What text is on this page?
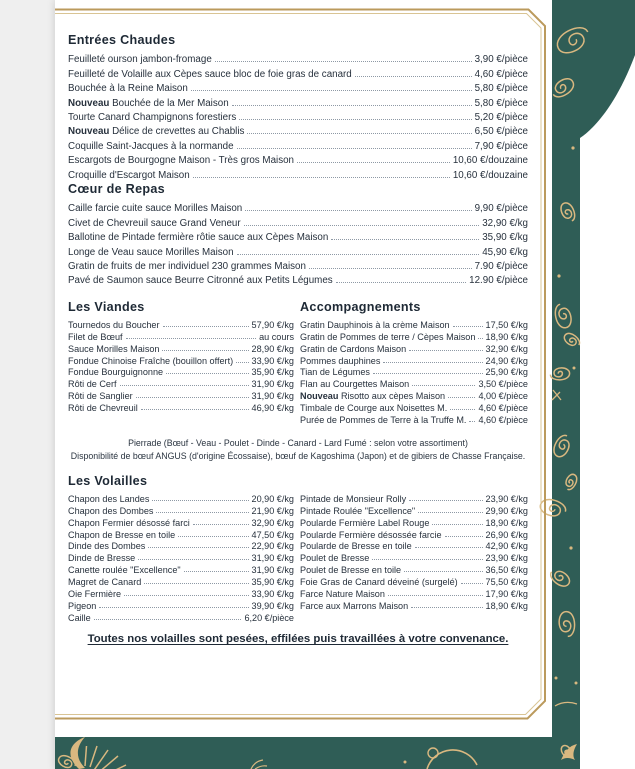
Entrées Chaudes
Feuilleté ourson jambon-fromage	3,90 €/pièce
Feuilleté de Volaille aux Cèpes sauce bloc de foie gras de canard	4,60 €/pièce
Bouchée à la Reine Maison	5,80 €/pièce
Nouveau Bouchée de la Mer Maison	5,80 €/pièce
Tourte Canard Champignons forestiers	5,20 €/pièce
Nouveau Délice de crevettes au Chablis	6,50 €/pièce
Coquille Saint-Jacques à la normande	7,90 €/pièce
Escargots de Bourgogne Maison - Très gros Maison	10,60 €/douzaine
Croquille d'Escargot Maison	10,60 €/douzaine
Cœur de Repas
Caille farcie cuite sauce Morilles Maison	9,90 €/pièce
Civet de Chevreuil sauce Grand Veneur	32,90 €/kg
Ballotine de Pintade fermière rôtie sauce aux Cèpes Maison	35,90 €/kg
Longe de Veau sauce Morilles Maison	45,90 €/kg
Gratin de fruits de mer individuel 230 grammes Maison	7.90 €/pièce
Pavé de Saumon sauce Beurre Citronné aux Petits Légumes	12.90 €/pièce
Les Viandes
Tournedos du Boucher	57,90 €/kg
Filet de Bœuf	au cours
Sauce Morilles Maison	28,90 €/kg
Fondue Chinoise Fraîche (bouillon offert) 33,90 €/kg
Fondue Bourguignonne	35,90 €/kg
Rôti de Cerf	31,90 €/kg
Rôti de Sanglier	31,90 €/kg
Rôti de Chevreuil	46,90 €/kg
Accompagnements
Gratin Dauphinois à la crème Maison	17,50 €/kg
Gratin de Pommes de terre / Cèpes Maison 18,90 €/kg
Gratin de Cardons Maison	32,90 €/kg
Pommes dauphines	24,90 €/kg
Tian de Légumes	25,90 €/kg
Flan au Courgettes Maison	3,50 €/pièce
Nouveau Risotto aux cèpes Maison	4,00 €/pièce
Timbale de Courge aux Noisettes M.	4,60 €/pièce
Purée de Pommes de Terre à la Truffe M. 4,60 €/pièce
Pierrade (Bœuf - Veau - Poulet - Dinde - Canard - Lard Fumé : selon votre assortiment)
Disponibilité de bœuf ANGUS (d'origine Écossaise), bœuf de Kagoshima (Japon) et de gibiers de Chasse Française.
Les Volailles
Chapon des Landes	20,90 €/kg
Chapon des Dombes	21,90 €/kg
Chapon Fermier désossé farci	32,90 €/kg
Chapon de Bresse en toile	47,50 €/kg
Dinde des Dombes	22,90 €/kg
Dinde de Bresse	31,90 €/kg
Canette roulée "Excellence"	31,90 €/kg
Magret de Canard	35,90 €/kg
Oie Fermière	33,90 €/kg
Pigeon	39,90 €/kg
Caille	6,20 €/pièce
Pintade de Monsieur Rolly	23,90 €/kg
Pintade Roulée "Excellence"	29,90 €/kg
Poularde Fermière Label Rouge	18,90 €/kg
Poularde Fermière désossée farcie	26,90 €/kg
Poularde de Bresse en toile	42,90 €/kg
Poulet de Bresse	23,90 €/kg
Poulet de Bresse en toile	36,50 €/kg
Foie Gras de Canard déveiné (surgelé)	75,50 €/kg
Farce Nature Maison	17,90 €/kg
Farce aux Marrons Maison	18,90 €/kg
Toutes nos volailles sont pesées, effilées puis travaillées à votre convenance.
